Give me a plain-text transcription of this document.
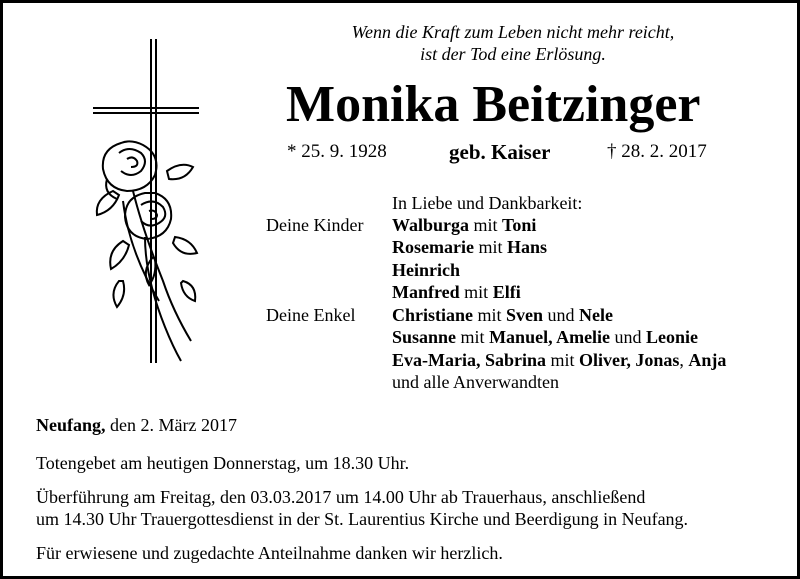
Wenn die Kraft zum Leben nicht mehr reicht,
ist der Tod eine Erlösung.
Monika Beitzinger
* 25. 9. 1928	geb. Kaiser	† 28. 2. 2017
In Liebe und Dankbarkeit:
Deine Kinder
Deine Enkel
Walburga mit Toni
Rosemarie mit Hans
Heinrich
Manfred mit Elfi
Christiane mit Sven und Nele
Susanne mit Manuel, Amelie und Leonie
Eva-Maria, Sabrina mit Oliver, Jonas, Anja
und alle Anverwandten
Neufang, den 2. März 2017
Totengebet am heutigen Donnerstag, um 18.30 Uhr.
Überführung am Freitag, den 03.03.2017 um 14.00 Uhr ab Trauerhaus, anschließend
um 14.30 Uhr Trauergottesdienst in der St. Laurentius Kirche und Beerdigung in Neufang.
Für erwiesene und zugedachte Anteilnahme danken wir herzlich.
